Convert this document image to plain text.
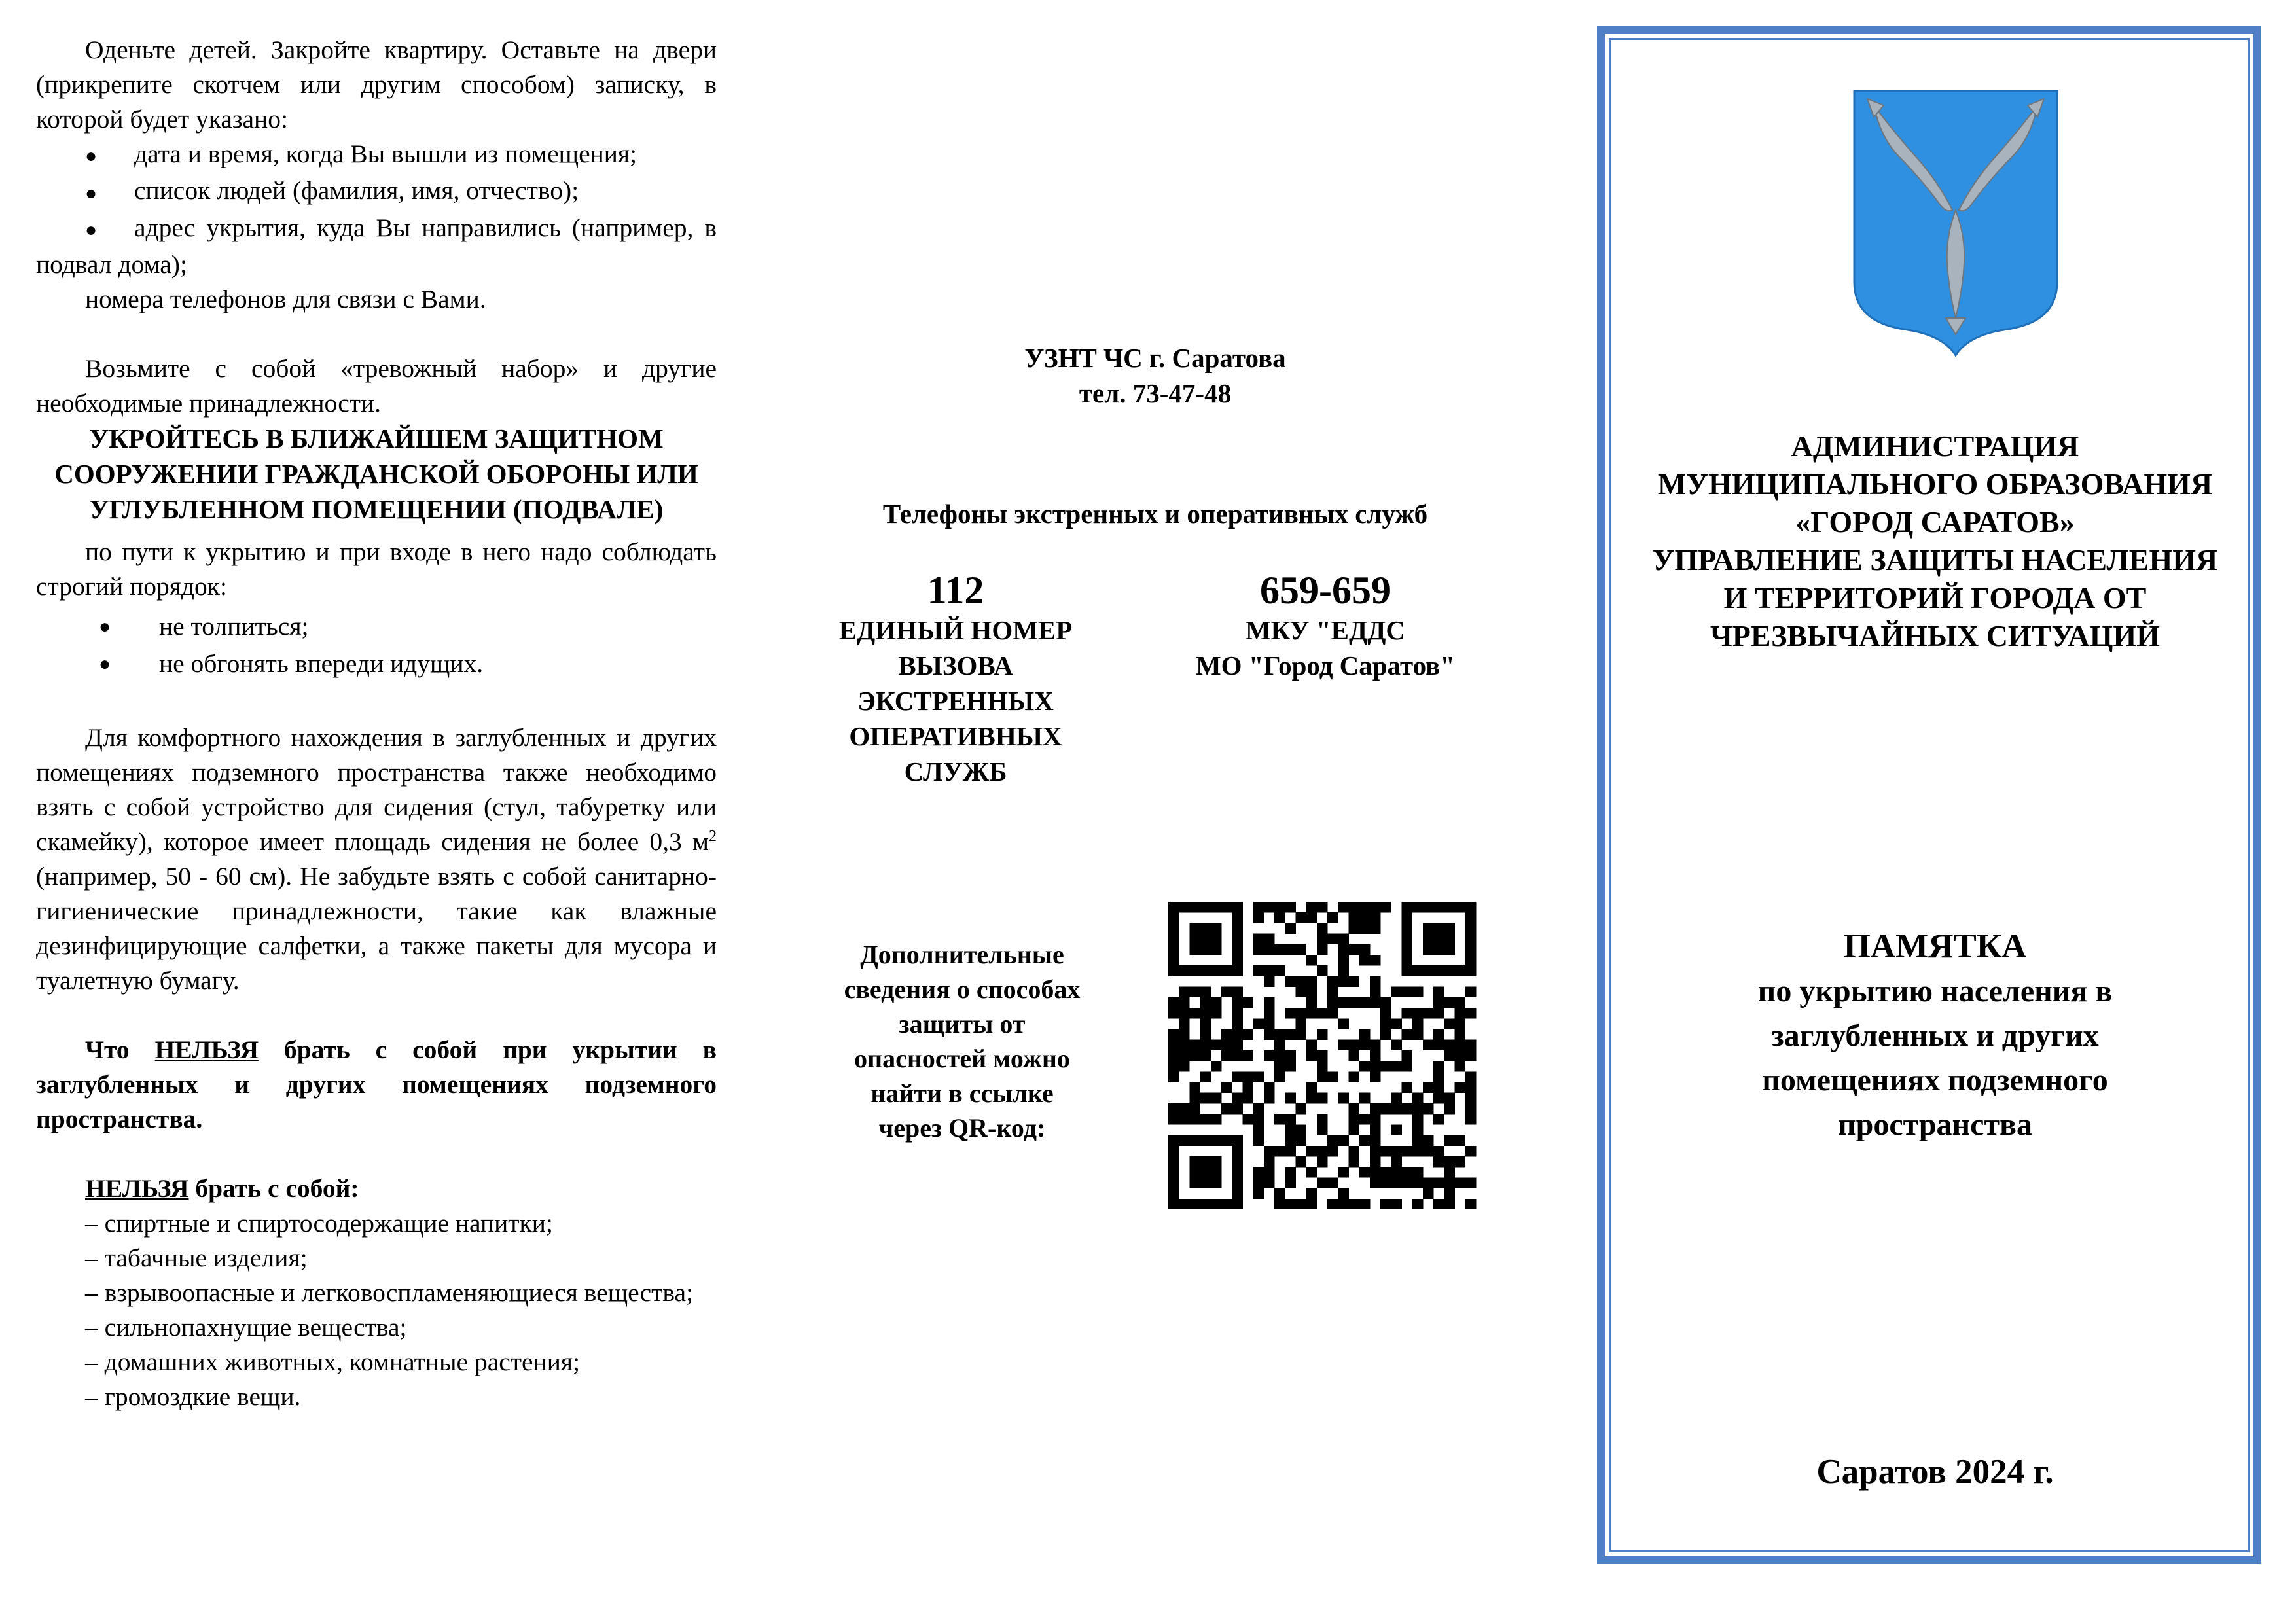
Оденьте детей. Закройте квартиру. Оставьте на двери (прикрепите скотчем или другим способом) записку, в которой будет указано:

● дата и время, когда Вы вышли из помещения;

● список людей (фамилия, имя, отчество);

● адрес укрытия, куда Вы направились (например, в подвал дома);

номера телефонов для связи с Вами.

Возьмите с собой «тревожный набор» и другие необходимые принадлежности.

УКРОЙТЕСЬ В БЛИЖАЙШЕМ ЗАЩИТНОМ СООРУЖЕНИИ ГРАЖДАНСКОЙ ОБОРОНЫ ИЛИ УГЛУБЛЕННОМ ПОМЕЩЕНИИ (ПОДВАЛЕ)

по пути к укрытию и при входе в него надо соблюдать строгий порядок:

● не толпиться;

● не обгонять впереди идущих.

Для комфортного нахождения в заглубленных и других помещениях подземного пространства также необходимо взять с собой устройство для сидения (стул, табуретку или скамейку), которое имеет площадь сидения не более 0,3 $м^2$ (например, 50 - 60 см). Не забудьте взять с собой санитарно-гигиенические принадлежности, такие как влажные дезинфицирующие салфетки, а также пакеты для мусора и туалетную бумагу.

Что НЕЛЬЗЯ брать с собой при укрытии в заглубленных и других помещениях подземного пространства.

НЕЛЬЗЯ брать с собой:

– спиртные и спиртосодержащие напитки;

– табачные изделия;

– взрывоопасные и легковоспламеняющиеся вещества;

– сильнопахнущие вещества;

– домашних животных, комнатные растения;

– громоздкие вещи.

УЗНТ ЧС г. Саратова
тел. 73-47-48
Телефоны экстренных и оперативных служб
112
ЕДИНЫЙ НОМЕР ВЫЗОВА ЭКСТРЕННЫХ ОПЕРАТИВНЫХ СЛУЖБ
659-659
МКУ "ЕДДС
МО "Город Саратов"
Дополнительные сведения о способах защиты от опасностей можно найти в ссылке через QR-код:
АДМИНИСТРАЦИЯ
МУНИЦИПАЛЬНОГО ОБРАЗОВАНИЯ
«ГОРОД САРАТОВ»
УПРАВЛЕНИЕ ЗАЩИТЫ НАСЕЛЕНИЯ
И ТЕРРИТОРИЙ ГОРОДА ОТ
ЧРЕЗВЫЧАЙНЫХ СИТУАЦИЙ
ПАМЯТКА
по укрытию населения в
заглубленных и других
помещениях подземного
пространства
Саратов 2024 г.
